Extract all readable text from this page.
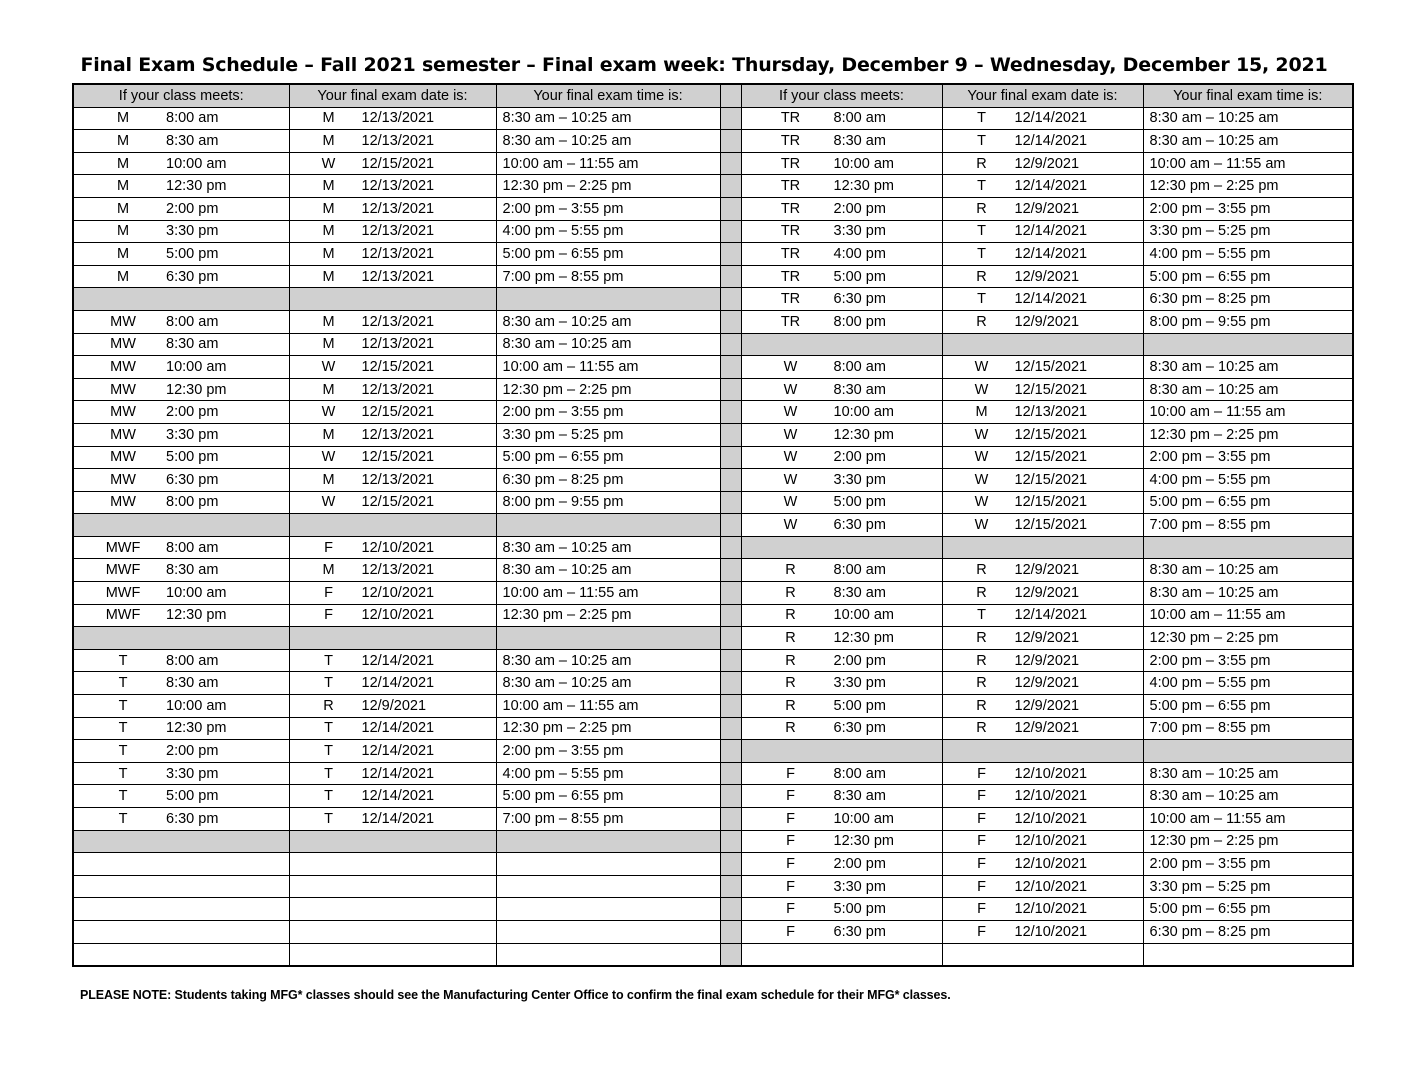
Final Exam Schedule – Fall 2021 semester – Final exam week: Thursday, December 9 – Wednesday, December 15, 2021
If your class meets:	Your final exam date is:	Your final exam time is:		If your class meets:	Your final exam date is:	Your final exam time is:
M 8:00 am	M 12/13/2021	8:30 am – 10:25 am		TR 8:00 am	T 12/14/2021	8:30 am – 10:25 am
M 8:30 am	M 12/13/2021	8:30 am – 10:25 am		TR 8:30 am	T 12/14/2021	8:30 am – 10:25 am
M 10:00 am	W 12/15/2021	10:00 am – 11:55 am		TR 10:00 am	R 12/9/2021	10:00 am – 11:55 am
M 12:30 pm	M 12/13/2021	12:30 pm – 2:25 pm		TR 12:30 pm	T 12/14/2021	12:30 pm – 2:25 pm
M 2:00 pm	M 12/13/2021	2:00 pm – 3:55 pm		TR 2:00 pm	R 12/9/2021	2:00 pm – 3:55 pm
M 3:30 pm	M 12/13/2021	4:00 pm – 5:55 pm		TR 3:30 pm	T 12/14/2021	3:30 pm – 5:25 pm
M 5:00 pm	M 12/13/2021	5:00 pm – 6:55 pm		TR 4:00 pm	T 12/14/2021	4:00 pm – 5:55 pm
M 6:30 pm	M 12/13/2021	7:00 pm – 8:55 pm		TR 5:00 pm	R 12/9/2021	5:00 pm – 6:55 pm
				TR 6:30 pm	T 12/14/2021	6:30 pm – 8:25 pm
MW 8:00 am	M 12/13/2021	8:30 am – 10:25 am		TR 8:00 pm	R 12/9/2021	8:00 pm – 9:55 pm
MW 8:30 am	M 12/13/2021	8:30 am – 10:25 am				
MW 10:00 am	W 12/15/2021	10:00 am – 11:55 am		W 8:00 am	W 12/15/2021	8:30 am – 10:25 am
MW 12:30 pm	M 12/13/2021	12:30 pm – 2:25 pm		W 8:30 am	W 12/15/2021	8:30 am – 10:25 am
MW 2:00 pm	W 12/15/2021	2:00 pm – 3:55 pm		W 10:00 am	M 12/13/2021	10:00 am – 11:55 am
MW 3:30 pm	M 12/13/2021	3:30 pm – 5:25 pm		W 12:30 pm	W 12/15/2021	12:30 pm – 2:25 pm
MW 5:00 pm	W 12/15/2021	5:00 pm – 6:55 pm		W 2:00 pm	W 12/15/2021	2:00 pm – 3:55 pm
MW 6:30 pm	M 12/13/2021	6:30 pm – 8:25 pm		W 3:30 pm	W 12/15/2021	4:00 pm – 5:55 pm
MW 8:00 pm	W 12/15/2021	8:00 pm – 9:55 pm		W 5:00 pm	W 12/15/2021	5:00 pm – 6:55 pm
				W 6:30 pm	W 12/15/2021	7:00 pm – 8:55 pm
MWF 8:00 am	F 12/10/2021	8:30 am – 10:25 am				
MWF 8:30 am	M 12/13/2021	8:30 am – 10:25 am		R 8:00 am	R 12/9/2021	8:30 am – 10:25 am
MWF 10:00 am	F 12/10/2021	10:00 am – 11:55 am		R 8:30 am	R 12/9/2021	8:30 am – 10:25 am
MWF 12:30 pm	F 12/10/2021	12:30 pm – 2:25 pm		R 10:00 am	T 12/14/2021	10:00 am – 11:55 am
				R 12:30 pm	R 12/9/2021	12:30 pm – 2:25 pm
T 8:00 am	T 12/14/2021	8:30 am – 10:25 am		R 2:00 pm	R 12/9/2021	2:00 pm – 3:55 pm
T 8:30 am	T 12/14/2021	8:30 am – 10:25 am		R 3:30 pm	R 12/9/2021	4:00 pm – 5:55 pm
T 10:00 am	R 12/9/2021	10:00 am – 11:55 am		R 5:00 pm	R 12/9/2021	5:00 pm – 6:55 pm
T 12:30 pm	T 12/14/2021	12:30 pm – 2:25 pm		R 6:30 pm	R 12/9/2021	7:00 pm – 8:55 pm
T 2:00 pm	T 12/14/2021	2:00 pm – 3:55 pm				
T 3:30 pm	T 12/14/2021	4:00 pm – 5:55 pm		F 8:00 am	F 12/10/2021	8:30 am – 10:25 am
T 5:00 pm	T 12/14/2021	5:00 pm – 6:55 pm		F 8:30 am	F 12/10/2021	8:30 am – 10:25 am
T 6:30 pm	T 12/14/2021	7:00 pm – 8:55 pm		F 10:00 am	F 12/10/2021	10:00 am – 11:55 am
				F 12:30 pm	F 12/10/2021	12:30 pm – 2:25 pm
				F 2:00 pm	F 12/10/2021	2:00 pm – 3:55 pm
				F 3:30 pm	F 12/10/2021	3:30 pm – 5:25 pm
				F 5:00 pm	F 12/10/2021	5:00 pm – 6:55 pm
				F 6:30 pm	F 12/10/2021	6:30 pm – 8:25 pm

PLEASE NOTE: Students taking MFG* classes should see the Manufacturing Center Office to confirm the final exam schedule for their MFG* classes.
